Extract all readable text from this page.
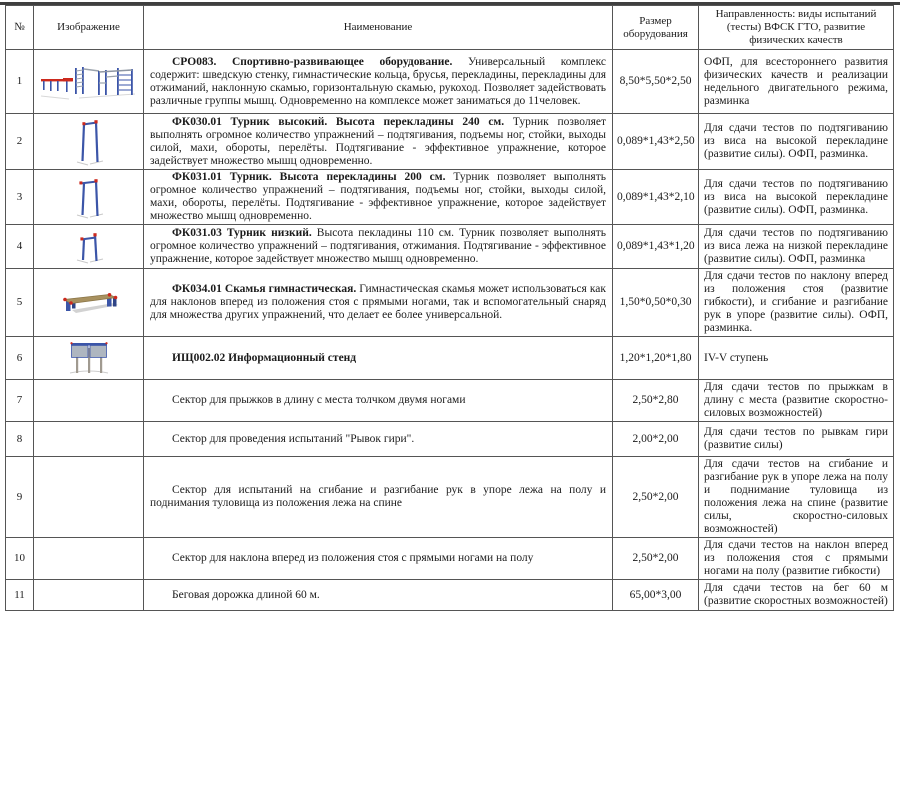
№	Изображение	Наименование	Размер оборудования	Направленность: виды испытаний (тесты) ВФСК ГТО, развитие физических качеств
1		СРО083. Спортивно-развивающее оборудование. Универсальный комплекс содержит: шведскую стенку, гимнастические кольца, брусья, перекладины, перекладины для отжиманий, наклонную скамью, горизонтальную скамью, рукоход. Позволяет задействовать различные группы мышц. Одновременно на комплексе может заниматься до 11человек.	8,50*5,50*2,50	ОФП, для всестороннего развития физических качеств и реализации недельного двигательного режима, разминка

2		ФК030.01 Турник высокий. Высота перекладины 240 см. Турник позволяет выполнять огромное количество упражнений – подтягивания, подъемы ног, стойки, выходы силой, махи, обороты, перелёты. Подтягивание - эффективное упражнение, которое задействует множество мышц одновременно.	0,089*1,43*2,50	Для сдачи тестов по подтягиванию из виса на высокой перекладине (развитие силы). ОФП, разминка.

3		ФК031.01 Турник. Высота перекладины 200 см. Турник позволяет выполнять огромное количество упражнений – подтягивания, подъемы ног, стойки, выходы силой, махи, обороты, перелёты. Подтягивание - эффективное упражнение, которое задействует множество мышц одновременно.	0,089*1,43*2,10	Для сдачи тестов по подтягиванию из виса на высокой перекладине (развитие силы). ОФП, разминка.

4		ФК031.03 Турник низкий. Высота пекладины 110 см. Турник позволяет выполнять огромное количество упражнений – подтягивания, отжимания. Подтягивание - эффективное упражнение, которое задействует множество мышц одновременно.	0,089*1,43*1,20	Для сдачи тестов по подтягиванию из виса лежа на низкой перекладине (развитие силы). ОФП, разминка

5		ФК034.01 Скамья гимнастическая. Гимнастическая скамья может использоваться как для наклонов вперед из положения стоя с прямыми ногами, так и вспомогательный снаряд для множества других упражнений, что делает ее более универсальной.	1,50*0,50*0,30	Для сдачи тестов по наклону вперед из положения стоя (развитие гибкости), и сгибание и разгибание рук в упоре (развитие силы). ОФП, разминка.

6		ИЩ002.02 Информационный стенд	1,20*1,20*1,80	IV-V ступень

7		Сектор для прыжков в длину с места толчком двумя ногами	2,50*2,80	Для сдачи тестов по прыжкам в длину с места (развитие скоростно-силовых возможностей)

8		Сектор для проведения испытаний "Рывок гири".	2,00*2,00	Для сдачи тестов по рывкам гири (развитие силы)

9		Сектор для испытаний на сгибание и разгибание рук в упоре лежа на полу и поднимания туловища из положения лежа на спине	2,50*2,00	Для сдачи тестов на сгибание и разгибание рук в упоре лежа на полу и поднимание туловища из положения лежа на спине (развитие силы, скоростно-силовых возможностей)

10		Сектор для наклона вперед из положения стоя с прямыми ногами на полу	2,50*2,00	Для сдачи тестов на наклон вперед из положения стоя с прямыми ногами на полу (развитие гибкости)

11		Беговая дорожка длиной 60 м.	65,00*3,00	Для сдачи тестов на бег 60 м (развитие скоростных возможностей)
